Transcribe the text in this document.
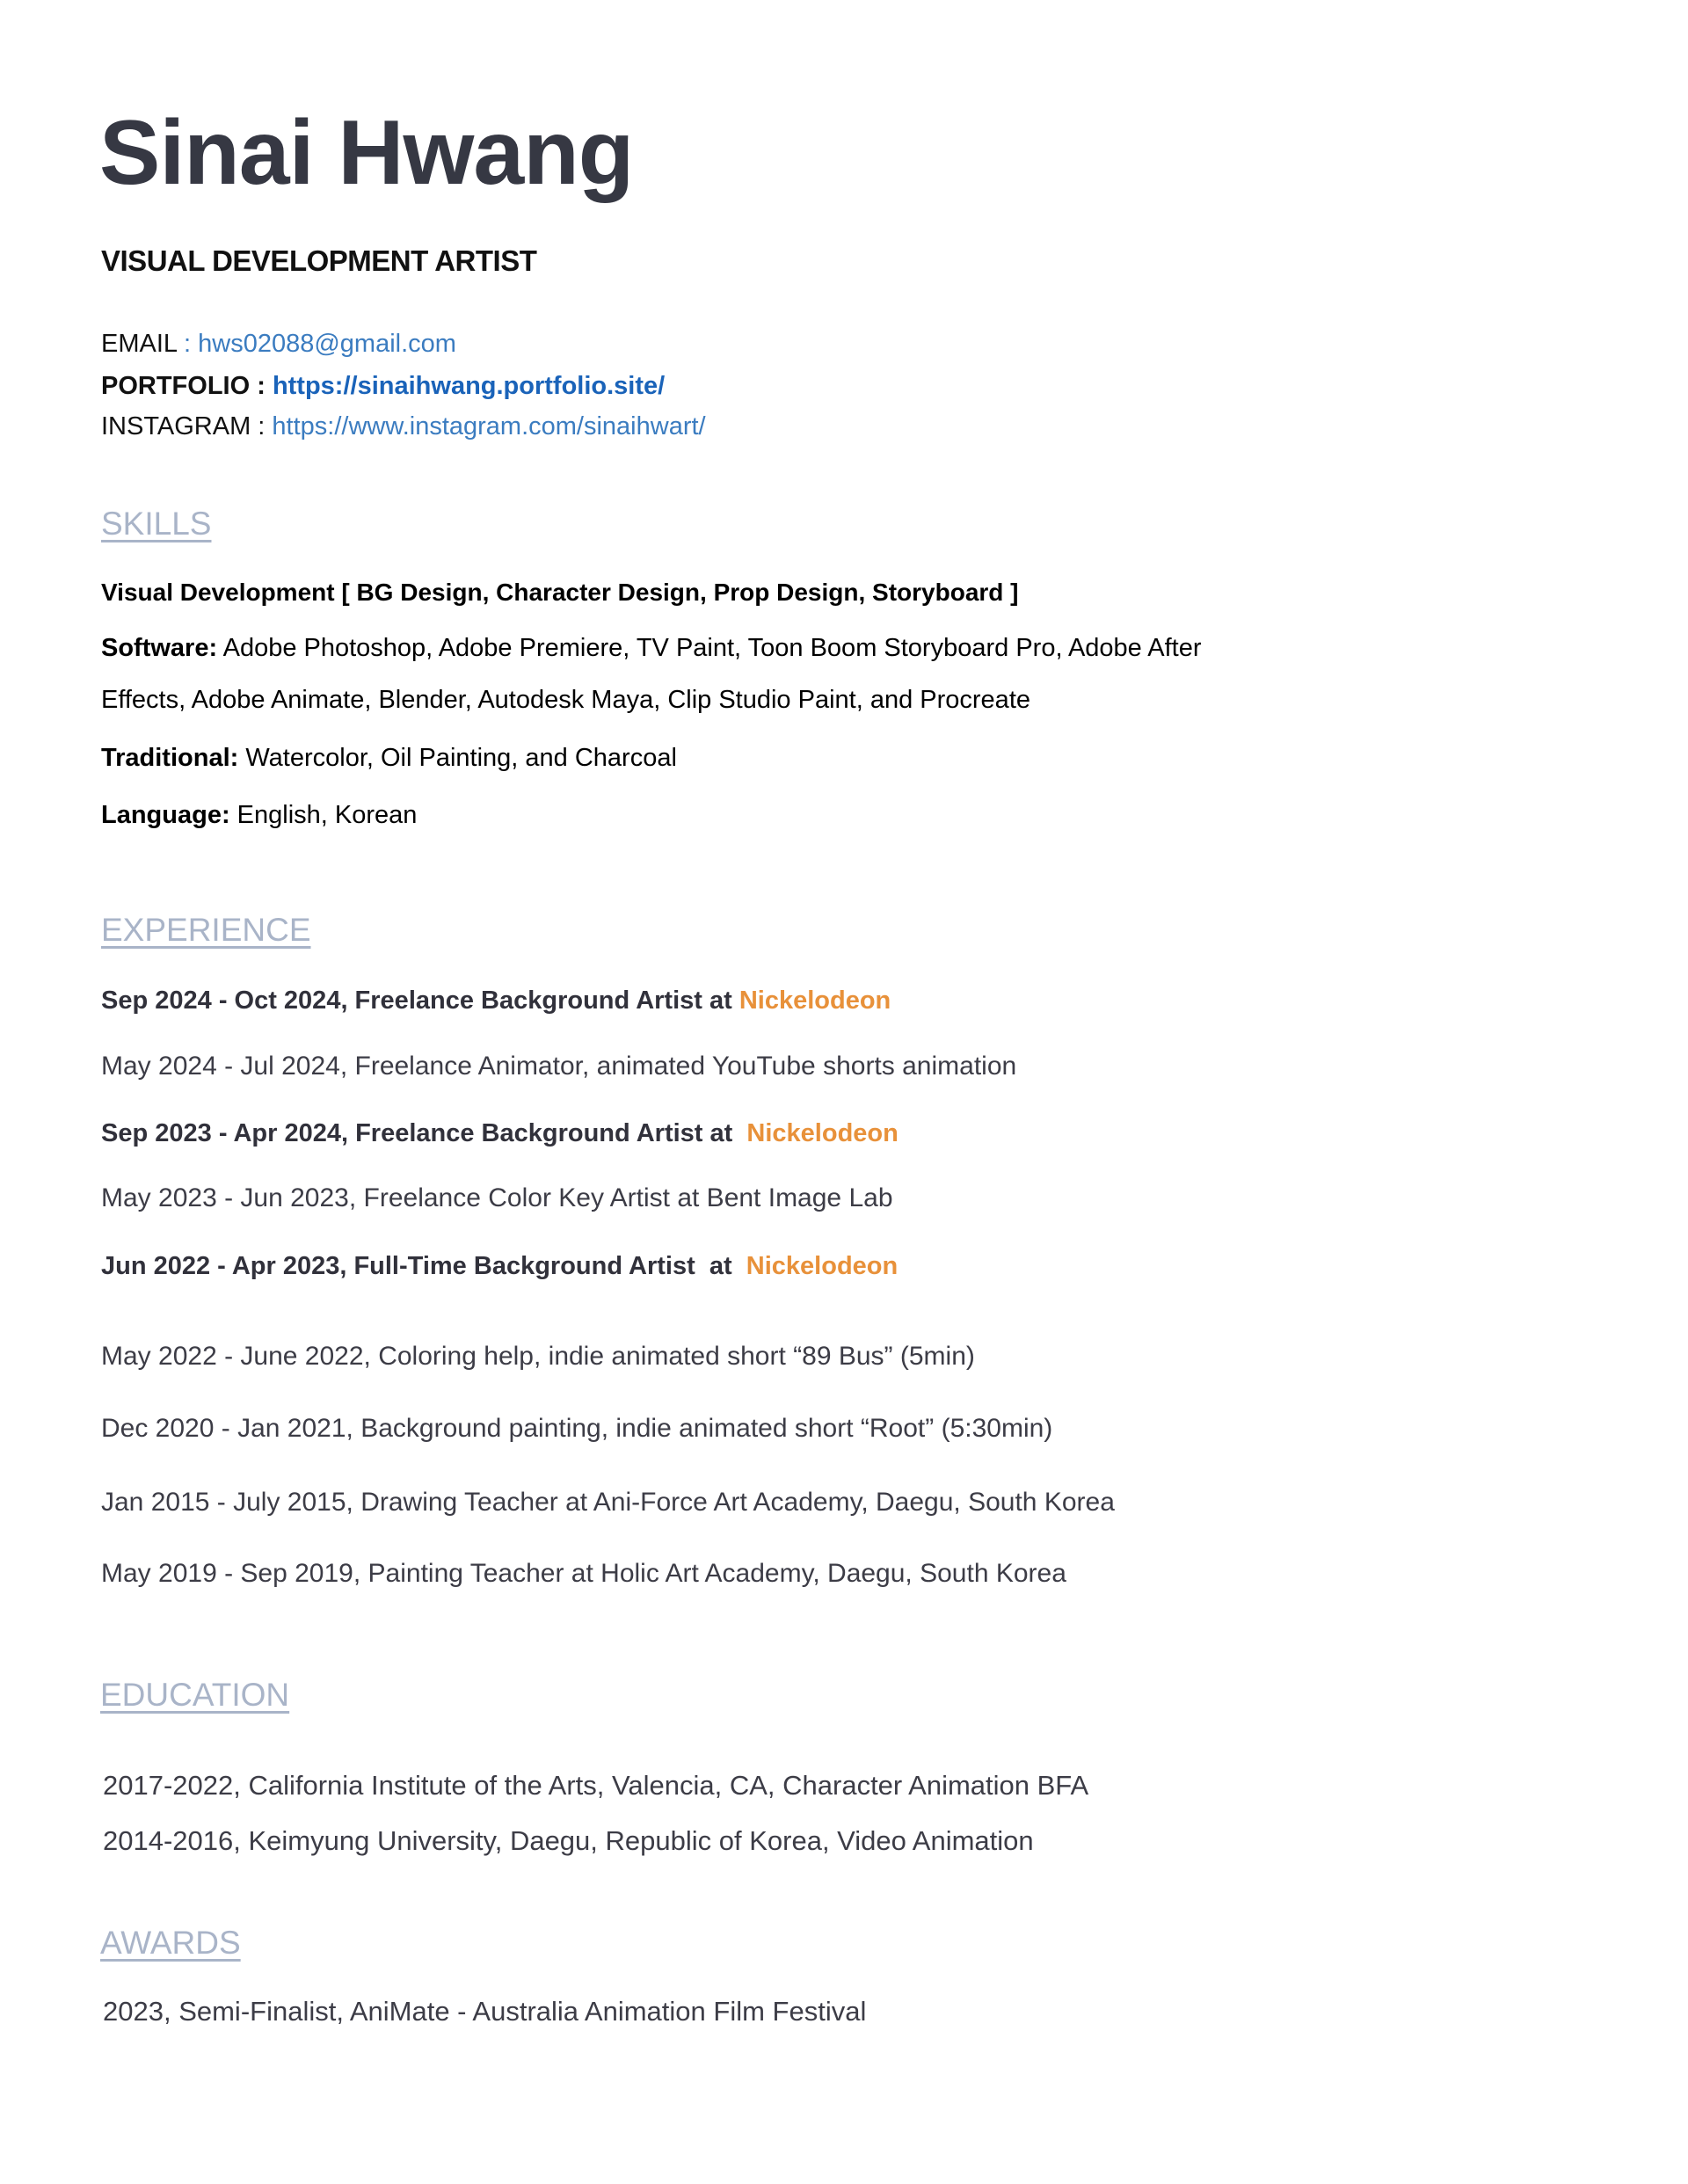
Sinai Hwang
VISUAL DEVELOPMENT ARTIST
EMAIL : hws02088@gmail.com
PORTFOLIO : https://sinaihwang.portfolio.site/
INSTAGRAM : https://www.instagram.com/sinaihwart/
SKILLS
Visual Development [ BG Design, Character Design, Prop Design, Storyboard ]
Software: Adobe Photoshop, Adobe Premiere, TV Paint, Toon Boom Storyboard Pro, Adobe After
Effects, Adobe Animate, Blender, Autodesk Maya, Clip Studio Paint, and Procreate
Traditional: Watercolor, Oil Painting, and Charcoal
Language: English, Korean
EXPERIENCE
Sep 2024 - Oct 2024, Freelance Background Artist at Nickelodeon
May 2024 - Jul 2024, Freelance Animator, animated YouTube shorts animation
Sep 2023 - Apr 2024, Freelance Background Artist at  Nickelodeon
May 2023 - Jun 2023, Freelance Color Key Artist at Bent Image Lab
Jun 2022 - Apr 2023, Full-Time Background Artist  at  Nickelodeon
May 2022 - June 2022, Coloring help, indie animated short “89 Bus” (5min)
Dec 2020 - Jan 2021, Background painting, indie animated short “Root” (5:30min)
Jan 2015 - July 2015, Drawing Teacher at Ani-Force Art Academy, Daegu, South Korea
May 2019 - Sep 2019, Painting Teacher at Holic Art Academy, Daegu, South Korea
EDUCATION
2017-2022, California Institute of the Arts, Valencia, CA, Character Animation BFA
2014-2016, Keimyung University, Daegu, Republic of Korea, Video Animation
AWARDS
2023, Semi-Finalist, AniMate - Australia Animation Film Festival
